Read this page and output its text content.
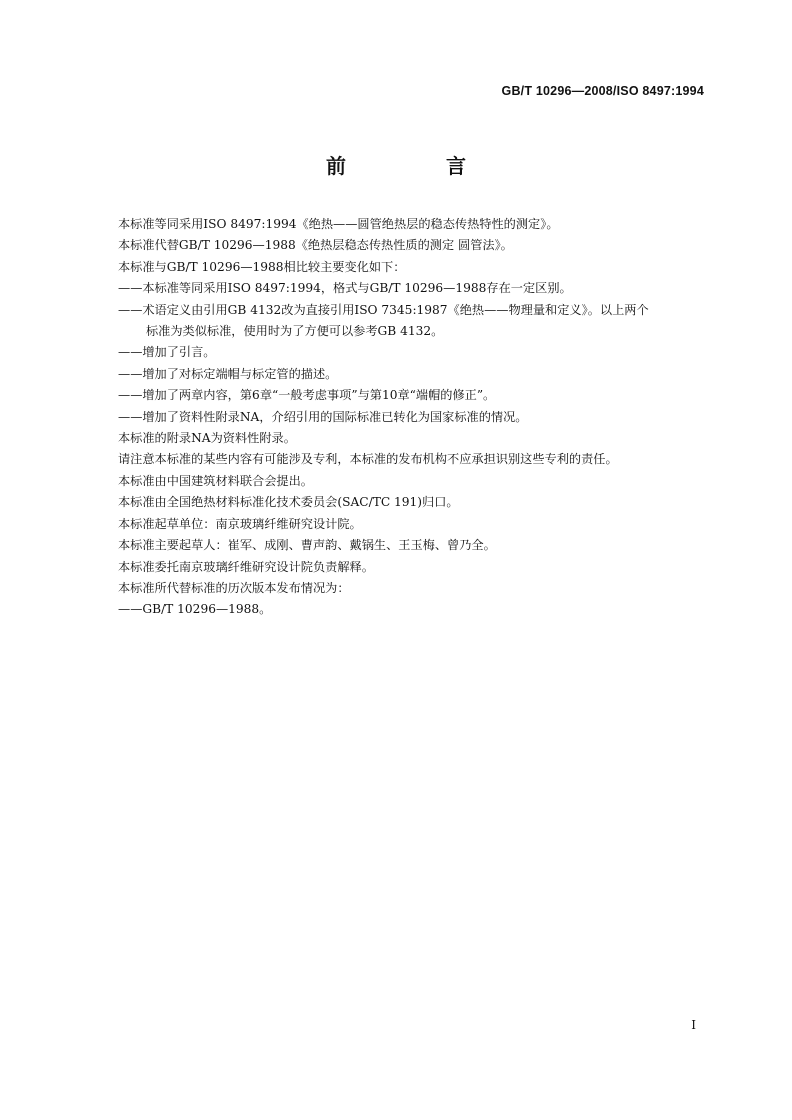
GB/T 10296—2008/ISO 8497:1994
前　言
本标准等同采用ISO 8497:1994《绝热——圆管绝热层的稳态传热特性的测定》。
本标准代替GB/T 10296—1988《绝热层稳态传热性质的测定 圆管法》。
本标准与GB/T 10296—1988相比较主要变化如下：
——本标准等同采用ISO 8497:1994，格式与GB/T 10296—1988存在一定区别。
——术语定义由引用GB 4132改为直接引用ISO 7345:1987《绝热——物理量和定义》。以上两个
标准为类似标准，使用时为了方便可以参考GB 4132。
——增加了引言。
——增加了对标定端帽与标定管的描述。
——增加了两章内容，第6章“一般考虑事项”与第10章“端帽的修正”。
——增加了资料性附录NA，介绍引用的国际标准已转化为国家标准的情况。
本标准的附录NA为资料性附录。
请注意本标准的某些内容有可能涉及专利，本标准的发布机构不应承担识别这些专利的责任。
本标准由中国建筑材料联合会提出。
本标准由全国绝热材料标准化技术委员会(SAC/TC 191)归口。
本标准起草单位：南京玻璃纤维研究设计院。
本标准主要起草人：崔军、成刚、曹声韵、戴锅生、王玉梅、曾乃全。
本标准委托南京玻璃纤维研究设计院负责解释。
本标准所代替标准的历次版本发布情况为：
——GB/T 10296—1988。
I
